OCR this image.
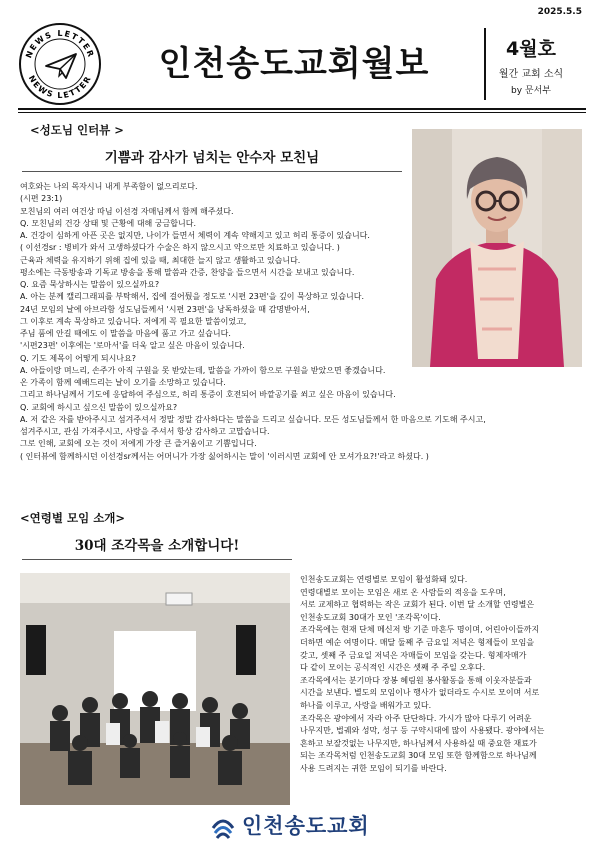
2025.5.5
NEWS LETTER
NEWS LETTER	인천송도교회월보	4월호
월간 교회 소식
by 문서부
<성도님 인터뷰 >
기쁨과 감사가 넘치는 안수자 모친님

여호와는 나의 목자시니 내게 부족함이 없으리로다.

(시편 23:1)

모친님의 여러 여건상 따님 이선경 자매님께서 함께 해주셨다.

Q. 모친님의 건강 상태 및 근황에 대해 궁금합니다.

A. 건강이 심하게 아픈 곳은 없지만, 나이가 들면서 체력이 계속 약해지고 있고 허리 통증이 있습니다.

( 이선경sr : 병비가 와서 고생하셨다가 수술은 하지 않으시고 약으로만 치료하고 있습니다. )

근육과 체력을 유지하기 위해 집에 있을 때, 최대한 늘지 않고 생활하고 있습니다.

평소에는 극동방송과 기독교 방송을 통해 말씀과 간증, 찬양을 들으면서 시간을 보내고 있습니다.

Q. 요즘 묵상하시는 말씀이 있으실까요?

A. 아는 분께 캘리그래피를 부탁해서, 집에 걸어뒀을 정도로 '시편 23편'을 깊이 묵상하고 있습니다.

24년 모임의 날에 아브라함 성도님들께서 '시편 23편'을 낭독하셨을 때 감명받아서,

그 이후로 계속 묵상하고 있습니다. 저에게 꼭 필요한 말씀이었고,

주님 품에 안길 때에도 이 말씀을 마음에 품고 가고 싶습니다.

'시편23편' 이후에는 '로마서'를 더욱 알고 싶은 마음이 있습니다.

Q. 기도 제목이 어떻게 되시나요?

A. 아들이랑 며느리, 손주가 아직 구원을 못 받았는데, 말씀을 가까이 함으로 구원을 받았으면 좋겠습니다.

온 가족이 함께 예배드리는 날이 오기를 소망하고 있습니다.

그리고 하나님께서 기도에 응답하여 주심으로, 허리 통증이 호전되어 바깥공기를 쐬고 싶은 마음이 있습니다.

Q. 교회에 하시고 싶으신 말씀이 있으실까요?

A. 저 같은 자를 받아주시고 섬겨주셔서 정말 정말 감사하다는 말씀을 드리고 싶습니다. 모든 성도님들께서 한 마음으로 기도해 주시고,

섬겨주시고, 관심 가져주시고, 사랑을 주셔서 항상 감사하고 고맙습니다.

그로 인해, 교회에 오는 것이 저에게 가장 큰 즐거움이고 기쁨입니다.

( 인터뷰에 함께하시던 이선경sr께서는 어머니가 가장 싫어하시는 말이 '이러시면 교회에 안 모셔가요?!'라고 하셨다. )

<연령별 모임 소개>
30대 조각목을 소개합니다!

인천송도교회는 연령별로 모임이 활성화돼 있다.

연령대별로 모이는 모임은 새로 온 사람들의 적응을 도우며,

서로 교제하고 협력하는 작은 교회가 된다. 이번 달 소개할 연령별은

인천송도교회 30대가 모인 '조각목'이다.

조각목에는 현재 단체 메신저 방 기준 마흔두 명이며, 어린아이들까지

더하면 예순 여명이다. 매달 둘째 주 금요일 저녁은 형제들이 모임을

갖고, 셋째 주 금요일 저녁은 자매들이 모임을 갖는다. 형제자매가

다 같이 모이는 공식적인 시간은 셋째 주 주일 오후다.

조각목에서는 분기마다 장봉 혜림원 봉사활동을 통해 이웃자분들과

시간을 보낸다. 별도의 모임이나 행사가 없더라도 수시로 모이며 서로

하나를 이루고, 사랑을 배워가고 있다.

조각목은 광야에서 자라 아주 단단하다. 가시가 많아 다루기 어려운

나무지만, 법궤와 성막, 성구 등 구약시대에 많이 사용됐다. 광야에서는

흔하고 보잘것없는 나무지만, 하나님께서 사용하실 때 중요한 재료가

되는 조각목처럼 인천송도교회 30대 모임 또한 함께함으로 하나님께

사용 드려지는 귀한 모임이 되기를 바란다.

인천송도교회
